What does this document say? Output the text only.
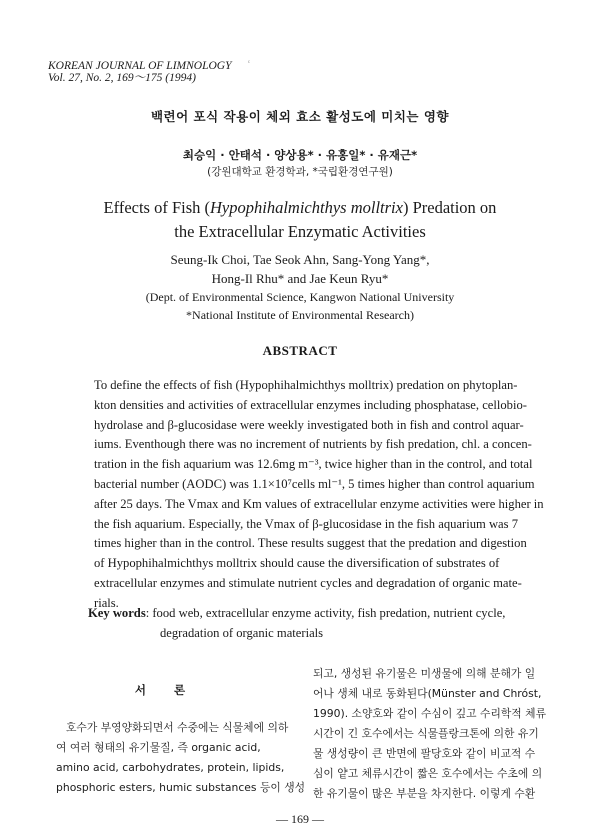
KOREAN JOURNAL OF LIMNOLOGY
Vol. 27, No. 2, 169～175 (1994)
ᶜ
백련어 포식 작용이 체외 효소 활성도에 미치는 영향
최승익 · 안태석 · 양상용* · 유홍일* · 유재근*
(강원대학교 환경학과, *국립환경연구원)
Effects of Fish (Hypophihalmichthys molltrix) Predation on
the Extracellular Enzymatic Activities
Seung-Ik Choi, Tae Seok Ahn, Sang-Yong Yang*,
Hong-Il Rhu* and Jae Keun Ryu*
(Dept. of Environmental Science, Kangwon National University
*National Institute of Environmental Research)
ABSTRACT
To define the effects of fish (Hypophihalmichthys molltrix) predation on phytoplan-
kton densities and activities of extracellular enzymes including phosphatase, cellobio-
hydrolase and β-glucosidase were weekly investigated both in fish and control aquar-
iums. Eventhough there was no increment of nutrients by fish predation, chl. a concen-
tration in the fish aquarium was 12.6mg m⁻³, twice higher than in the control, and total
bacterial number (AODC) was 1.1×10⁷cells ml⁻¹, 5 times higher than control aquarium
after 25 days. The Vmax and Km values of extracellular enzyme activities were higher in
the fish aquarium. Especially, the Vmax of β-glucosidase in the fish aquarium was 7
times higher than in the control. These results suggest that the predation and digestion
of Hypophihalmichthys molltrix should cause the diversification of substrates of
extracellular enzymes and stimulate nutrient cycles and degradation of organic mate-
rials.
Key words: food web, extracellular enzyme activity, fish predation, nutrient cycle,
degradation of organic materials
서론

호수가 부영양화되면서 수중에는 식물체에 의하
여 여러 형태의 유기물질, 즉 organic acid,
amino acid, carbohydrates, protein, lipids,
phosphoric esters, humic substances 등이 생성

되고, 생성된 유기물은 미생물에 의해 분해가 일
어나 생체 내로 동화된다(Münster and Chróst,
1990). 소양호와 같이 수심이 깊고 수리학적 체류
시간이 긴 호수에서는 식물플랑크톤에 의한 유기
물 생성량이 큰 반면에 팔당호와 같이 비교적 수
심이 얕고 체류시간이 짧은 호수에서는 수초에 의
한 유기물이 많은 부분을 차지한다. 이렇게 수환

— 169 —
